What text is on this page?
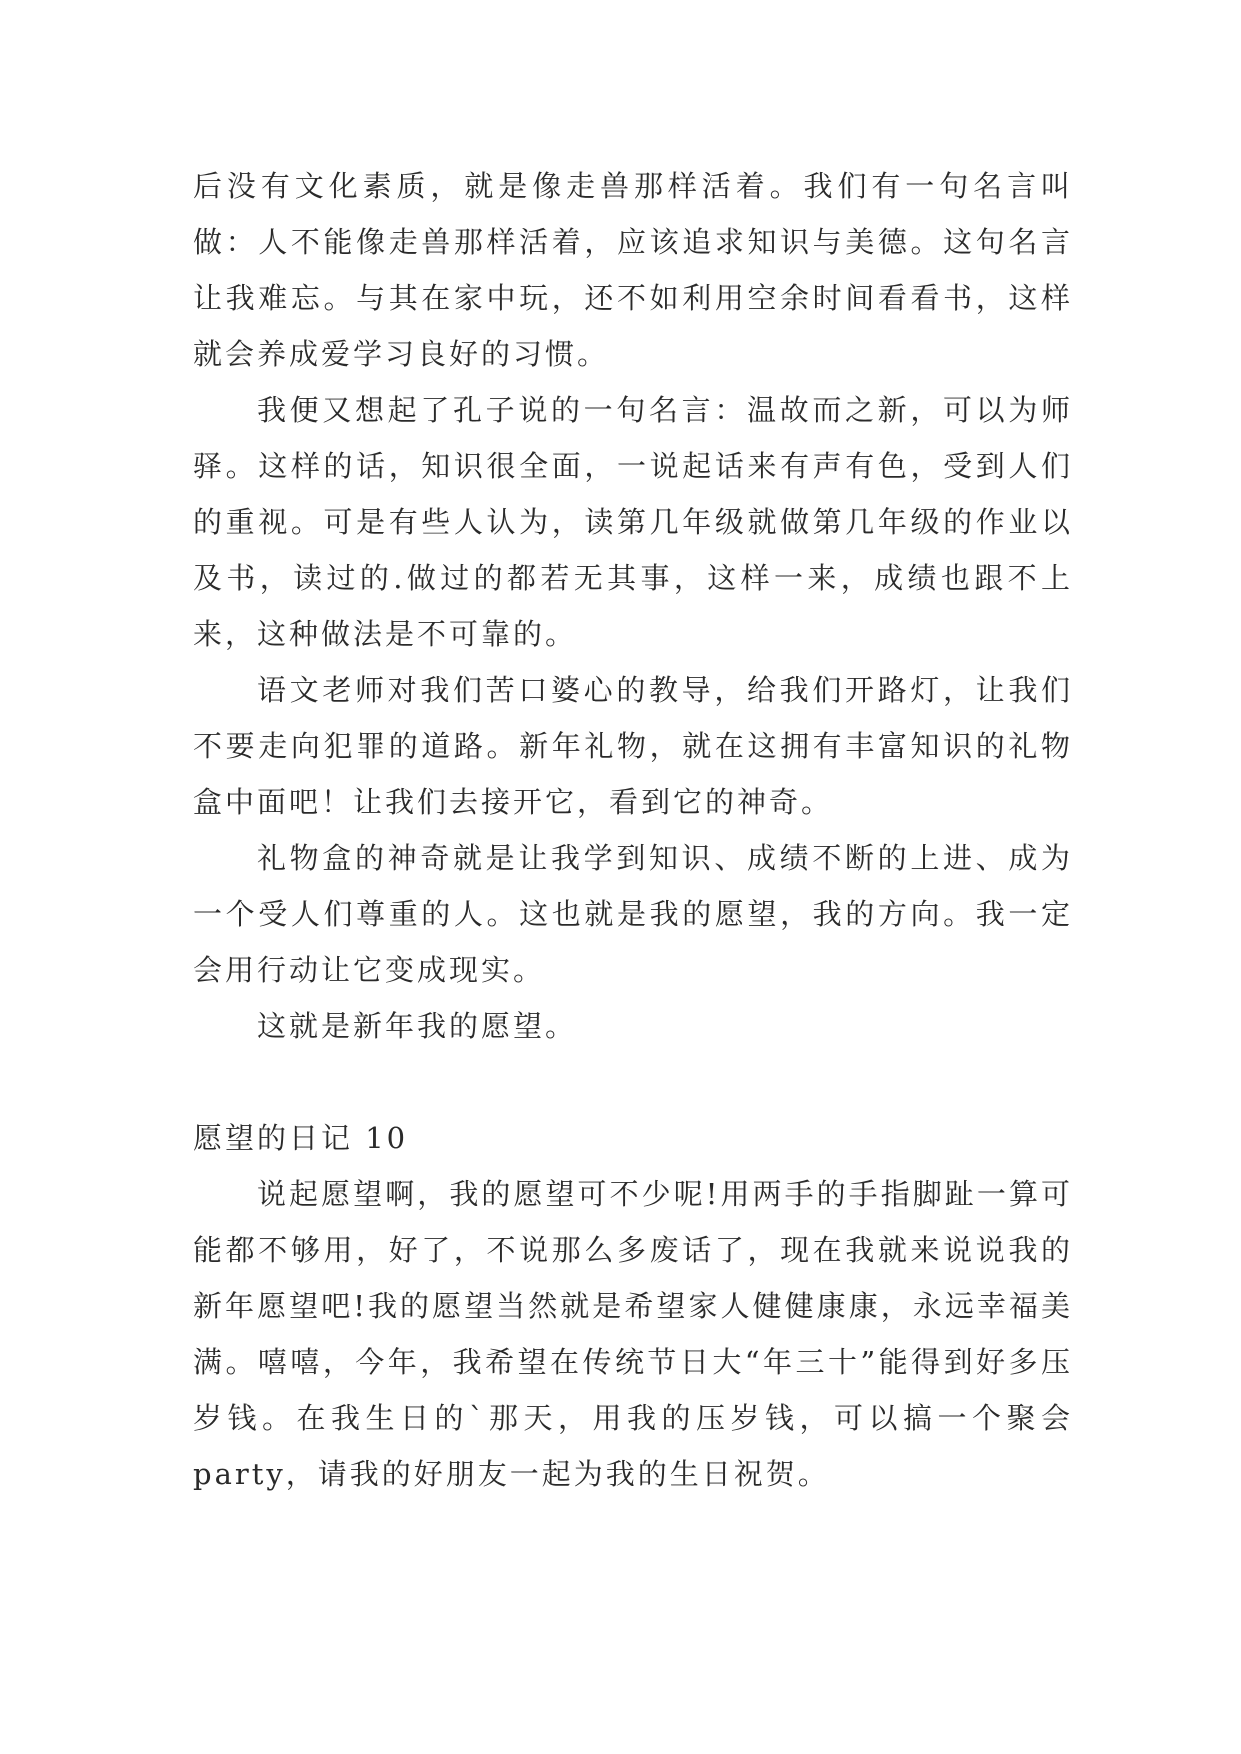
后没有文化素质，就是像走兽那样活着。我们有一句名言叫做：人不能像走兽那样活着，应该追求知识与美德。这句名言让我难忘。与其在家中玩，还不如利用空余时间看看书，这样就会养成爱学习良好的习惯。

我便又想起了孔子说的一句名言：温故而之新，可以为师驿。这样的话，知识很全面，一说起话来有声有色，受到人们的重视。可是有些人认为，读第几年级就做第几年级的作业以及书，读过的.做过的都若无其事，这样一来，成绩也跟不上来，这种做法是不可靠的。

语文老师对我们苦口婆心的教导，给我们开路灯，让我们不要走向犯罪的道路。新年礼物，就在这拥有丰富知识的礼物盒中面吧！让我们去接开它，看到它的神奇。

礼物盒的神奇就是让我学到知识、成绩不断的上进、成为一个受人们尊重的人。这也就是我的愿望，我的方向。我一定会用行动让它变成现实。

这就是新年我的愿望。

愿望的日记 10

说起愿望啊，我的愿望可不少呢!用两手的手指脚趾一算可能都不够用，好了，不说那么多废话了，现在我就来说说我的新年愿望吧!我的愿望当然就是希望家人健健康康，永远幸福美满。嘻嘻，今年，我希望在传统节日大“年三十”能得到好多压岁钱。在我生日的`那天，用我的压岁钱，可以搞一个聚会 party，请我的好朋友一起为我的生日祝贺。
